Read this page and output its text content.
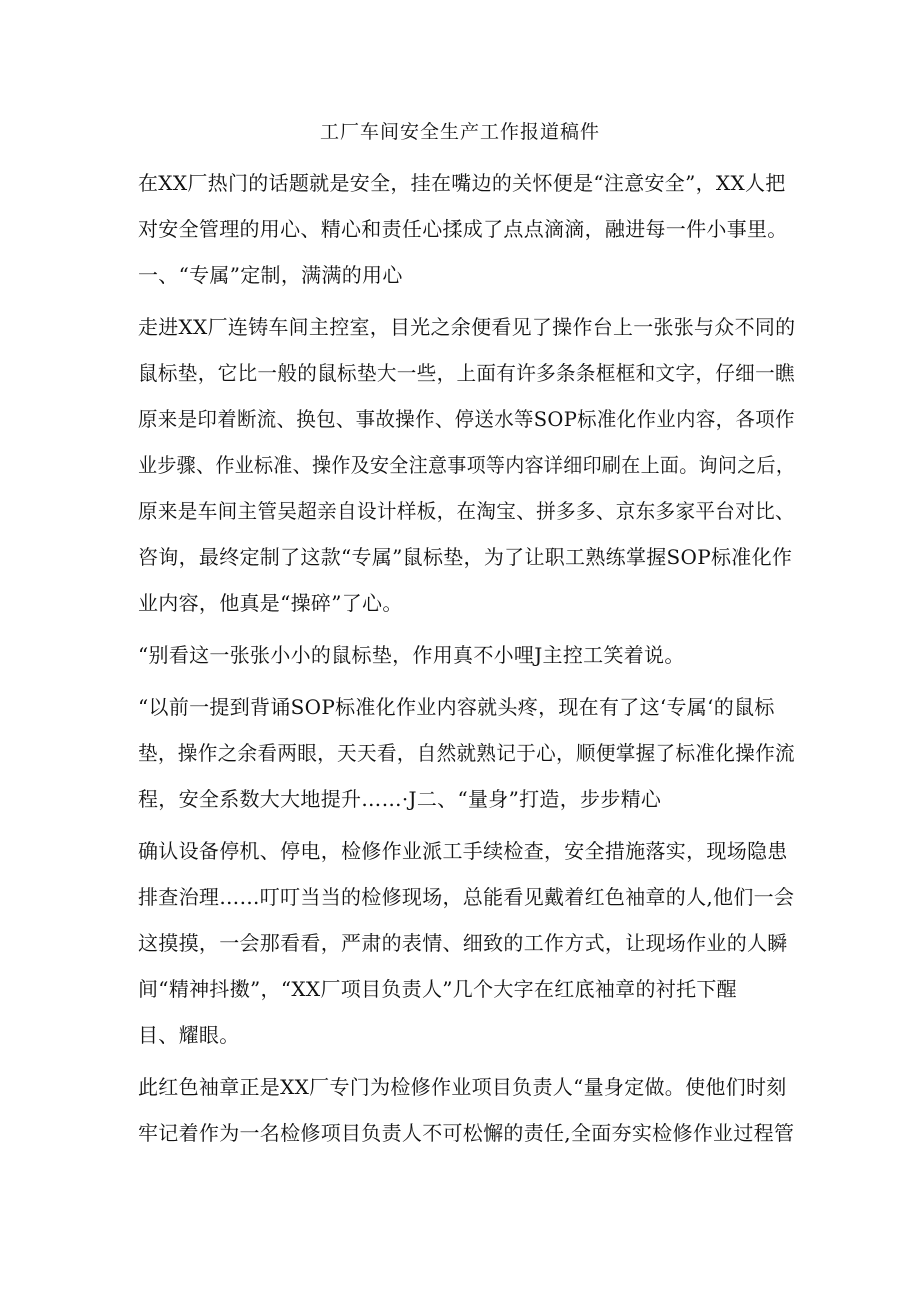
工厂车间安全生产工作报道稿件
在XX厂热门的话题就是安全，挂在嘴边的关怀便是“注意安全”，XX人把
对安全管理的用心、精心和责任心揉成了点点滴滴，融进每一件小事里。
一、“专属”定制，满满的用心
走进XX厂连铸车间主控室，目光之余便看见了操作台上一张张与众不同的
鼠标垫，它比一般的鼠标垫大一些，上面有许多条条框框和文字，仔细一瞧
原来是印着断流、换包、事故操作、停送水等SOP标准化作业内容，各项作
业步骤、作业标准、操作及安全注意事项等内容详细印刷在上面。询问之后，
原来是车间主管吴超亲自设计样板，在淘宝、拼多多、京东多家平台对比、
咨询，最终定制了这款“专属”鼠标垫，为了让职工熟练掌握SOP标准化作
业内容，他真是“操碎”了心。
“别看这一张张小小的鼠标垫，作用真不小哩J主控工笑着说。
“以前一提到背诵SOP标准化作业内容就头疼，现在有了这‘专属‘的鼠标
垫，操作之余看两眼，天天看，自然就熟记于心，顺便掌握了标准化操作流
程，安全系数大大地提升……·J二、“量身”打造，步步精心
确认设备停机、停电，检修作业派工手续检查，安全措施落实，现场隐患
排查治理……叮叮当当的检修现场，总能看见戴着红色袖章的人,他们一会
这摸摸，一会那看看，严肃的表情、细致的工作方式，让现场作业的人瞬
间“精神抖擞”，“XX厂项目负责人”几个大字在红底袖章的衬托下醒
目、耀眼。
此红色袖章正是XX厂专门为检修作业项目负责人“量身定做。使他们时刻
牢记着作为一名检修项目负责人不可松懈的责任,全面夯实检修作业过程管
